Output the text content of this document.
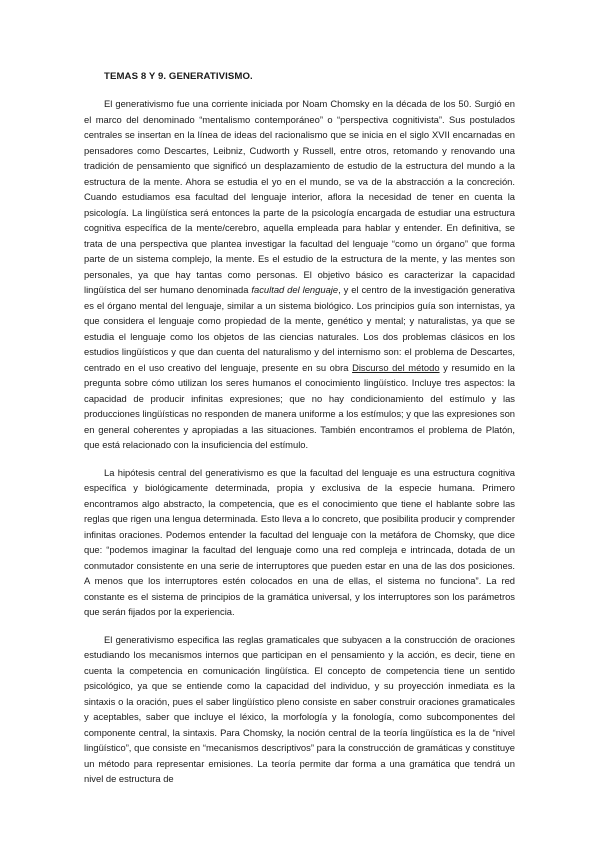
TEMAS 8 Y 9. GENERATIVISMO.

El generativismo fue una corriente iniciada por Noam Chomsky en la década de los 50. Surgió en el marco del denominado “mentalismo contemporáneo” o “perspectiva cognitivista”. Sus postulados centrales se insertan en la línea de ideas del racionalismo que se inicia en el siglo XVII encarnadas en pensadores como Descartes, Leibniz, Cudworth y Russell, entre otros, retomando y renovando una tradición de pensamiento que significó un desplazamiento de estudio de la estructura del mundo a la estructura de la mente. Ahora se estudia el yo en el mundo, se va de la abstracción a la concreción. Cuando estudiamos esa facultad del lenguaje interior, aflora la necesidad de tener en cuenta la psicología. La lingüística será entonces la parte de la psicología encargada de estudiar una estructura cognitiva específica de la mente/cerebro, aquella empleada para hablar y entender. En definitiva, se trata de una perspectiva que plantea investigar la facultad del lenguaje “como un órgano” que forma parte de un sistema complejo, la mente. Es el estudio de la estructura de la mente, y las mentes son personales, ya que hay tantas como personas. El objetivo básico es caracterizar la capacidad lingüística del ser humano denominada facultad del lenguaje, y el centro de la investigación generativa es el órgano mental del lenguaje, similar a un sistema biológico. Los principios guía son internistas, ya que considera el lenguaje como propiedad de la mente, genético y mental; y naturalistas, ya que se estudia el lenguaje como los objetos de las ciencias naturales. Los dos problemas clásicos en los estudios lingüísticos y que dan cuenta del naturalismo y del internismo son: el problema de Descartes, centrado en el uso creativo del lenguaje, presente en su obra Discurso del método y resumido en la pregunta sobre cómo utilizan los seres humanos el conocimiento lingüístico. Incluye tres aspectos: la capacidad de producir infinitas expresiones; que no hay condicionamiento del estímulo y las producciones lingüísticas no responden de manera uniforme a los estímulos; y que las expresiones son en general coherentes y apropiadas a las situaciones. También encontramos el problema de Platón, que está relacionado con la insuficiencia del estímulo.

La hipótesis central del generativismo es que la facultad del lenguaje es una estructura cognitiva específica y biológicamente determinada, propia y exclusiva de la especie humana. Primero encontramos algo abstracto, la competencia, que es el conocimiento que tiene el hablante sobre las reglas que rigen una lengua determinada. Esto lleva a lo concreto, que posibilita producir y comprender infinitas oraciones. Podemos entender la facultad del lenguaje con la metáfora de Chomsky, que dice que: “podemos imaginar la facultad del lenguaje como una red compleja e intrincada, dotada de un conmutador consistente en una serie de interruptores que pueden estar en una de las dos posiciones. A menos que los interruptores estén colocados en una de ellas, el sistema no funciona”. La red constante es el sistema de principios de la gramática universal, y los interruptores son los parámetros que serán fijados por la experiencia.

El generativismo especifica las reglas gramaticales que subyacen a la construcción de oraciones estudiando los mecanismos internos que participan en el pensamiento y la acción, es decir, tiene en cuenta la competencia en comunicación lingüística. El concepto de competencia tiene un sentido psicológico, ya que se entiende como la capacidad del individuo, y su proyección inmediata es la sintaxis o la oración, pues el saber lingüístico pleno consiste en saber construir oraciones gramaticales y aceptables, saber que incluye el léxico, la morfología y la fonología, como subcomponentes del componente central, la sintaxis. Para Chomsky, la noción central de la teoría lingüística es la de “nivel lingüístico”, que consiste en “mecanismos descriptivos” para la construcción de gramáticas y constituye un método para representar emisiones. La teoría permite dar forma a una gramática que tendrá un nivel de estructura de
